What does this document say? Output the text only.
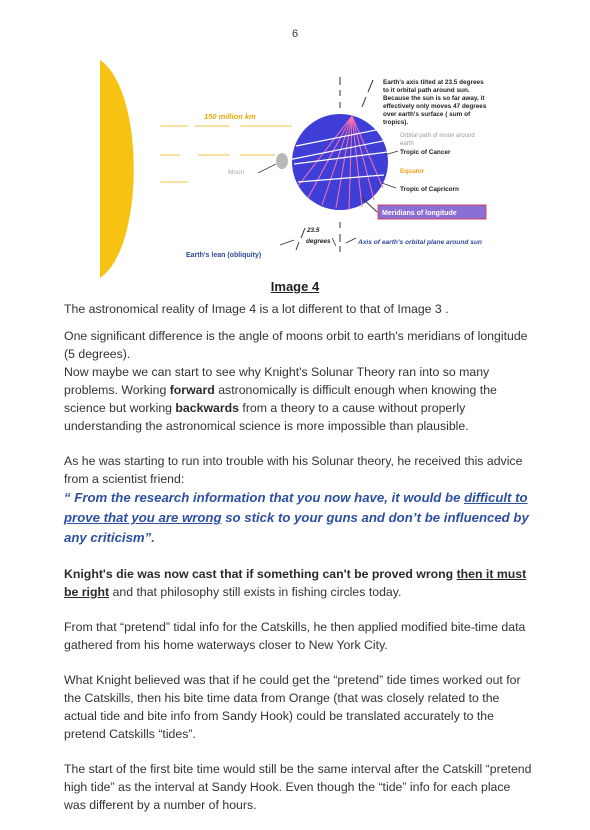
6
150 million km
Moon
Earth's axis tilted at 23.5 degrees
to it orbital path around sun.
Because the sun is so far away, it
effectively only moves 47 degrees
over earth's surface ( sum of
tropics).
Orbital path of moon around
earth
Tropic of Cancer
Equator
Tropic of Capricorn
Meridians of longitude
23.5
degrees
Earth's lean (obliquity)
Axis of earth's orbital plane around sun
Image 4

The astronomical reality of Image 4 is a lot different to that of Image 3 .

One significant difference is the angle of moons orbit to earth's meridians of longitude (5 degrees).

Now maybe we can start to see why Knight's Solunar Theory ran into so many problems. Working forward astronomically is difficult enough when knowing the science but working backwards from a theory to a cause without properly understanding the astronomical science is more impossible than plausible.

As he was starting to run into trouble with his Solunar theory, he received this advice from a scientist friend:

“ From the research information that you now have, it would be difficult to prove that you are wrong so stick to your guns and don’t be influenced by any criticism”.

Knight's die was now cast that if something can't be proved wrong then it must be right and that philosophy still exists in fishing circles today.

From that “pretend” tidal info for the Catskills, he then applied modified bite-time data gathered from his home waterways closer to New York City.

What Knight believed was that if he could get the “pretend” tide times worked out for the Catskills, then his bite time data from Orange (that was closely related to the actual tide and bite info from Sandy Hook) could be translated accurately to the pretend Catskills “tides”.

The start of the first bite time would still be the same interval after the Catskill “pretend high tide” as the interval at Sandy Hook. Even though the “tide” info for each place was different by a number of hours.
